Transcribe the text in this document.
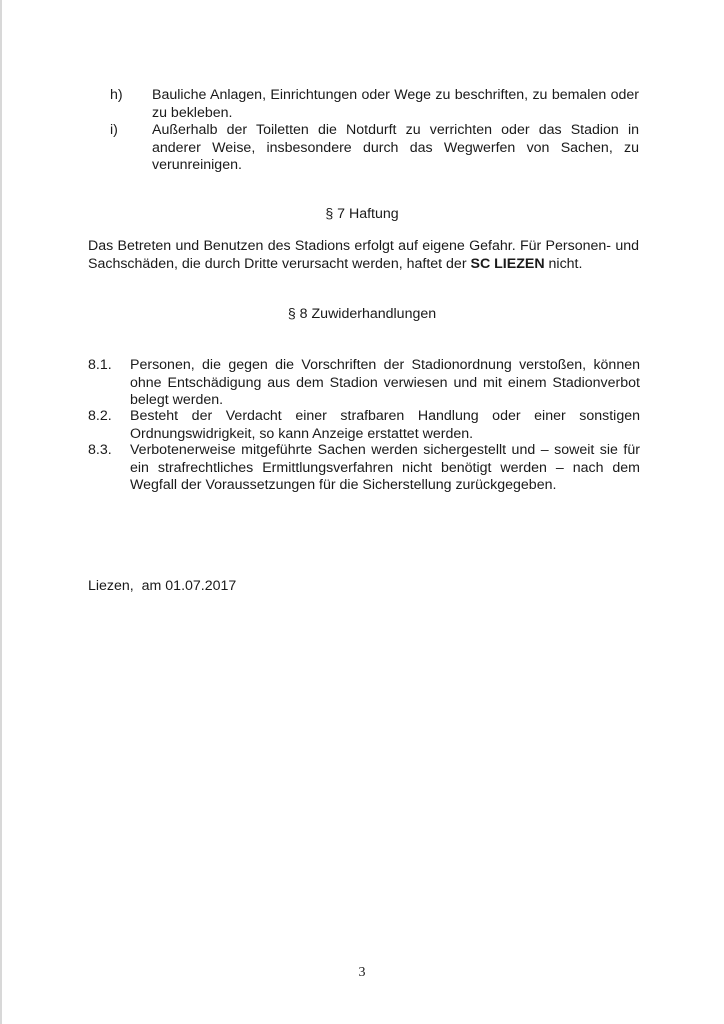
h) Bauliche Anlagen, Einrichtungen oder Wege zu beschriften, zu bemalen oder zu bekleben.
i) Außerhalb der Toiletten die Notdurft zu verrichten oder das Stadion in anderer Weise, insbesondere durch das Wegwerfen von Sachen, zu verunreinigen.
§ 7 Haftung
Das Betreten und Benutzen des Stadions erfolgt auf eigene Gefahr. Für Personen- und Sachschäden, die durch Dritte verursacht werden, haftet der SC LIEZEN nicht.
§ 8 Zuwiderhandlungen
8.1. Personen, die gegen die Vorschriften der Stadionordnung verstoßen, können ohne Entschädigung aus dem Stadion verwiesen und mit einem Stadionverbot belegt werden.
8.2. Besteht der Verdacht einer strafbaren Handlung oder einer sonstigen Ordnungswidrigkeit, so kann Anzeige erstattet werden.
8.3. Verbotenerweise mitgeführte Sachen werden sichergestellt und – soweit sie für ein strafrechtliches Ermittlungsverfahren nicht benötigt werden – nach dem Wegfall der Voraussetzungen für die Sicherstellung zurückgegeben.
Liezen,  am 01.07.2017
3
